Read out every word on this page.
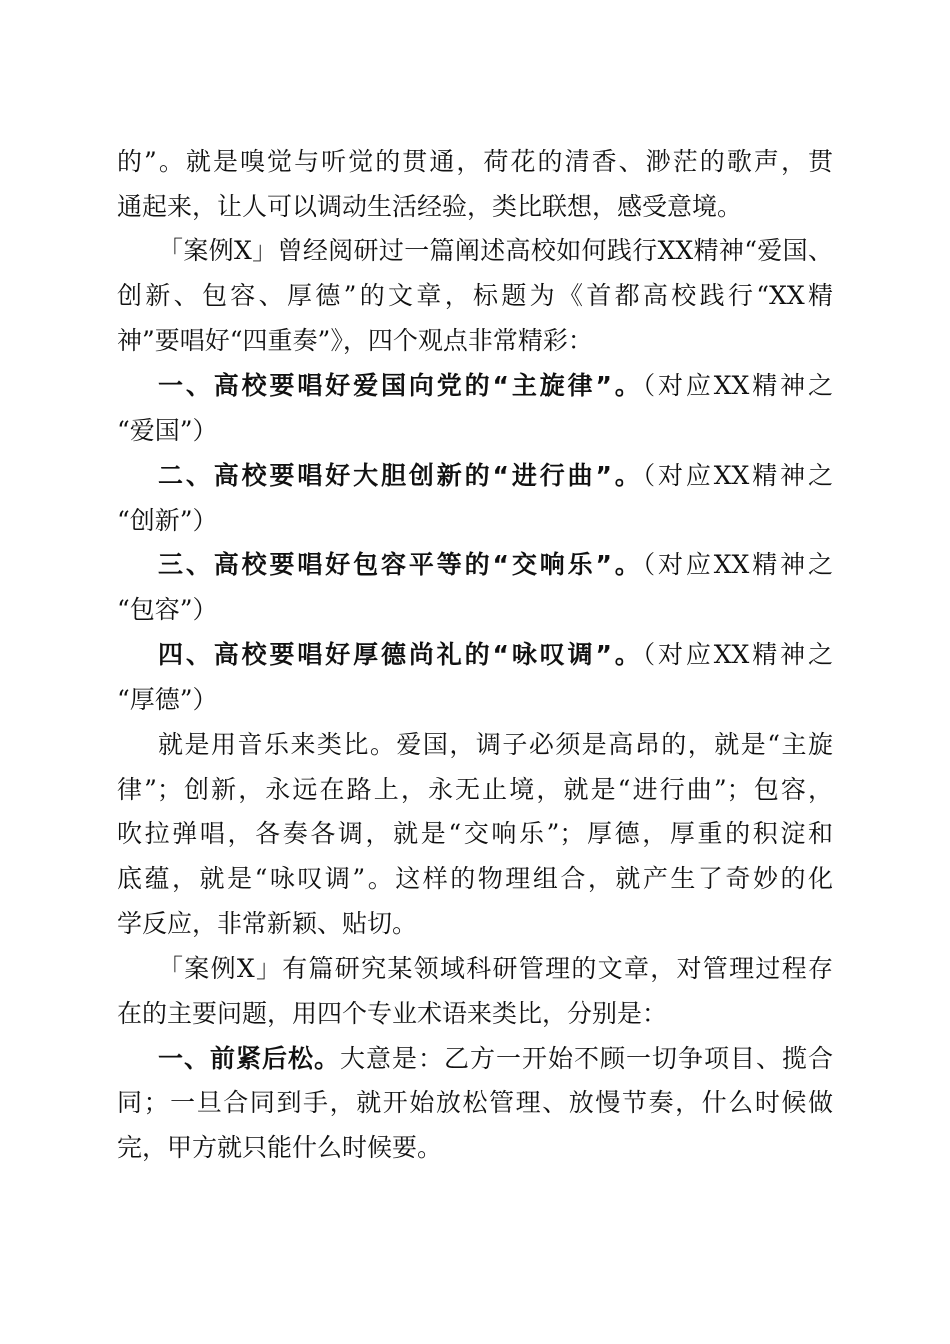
的”。就是嗅觉与听觉的贯通，荷花的清香、渺茫的歌声，贯
通起来，让人可以调动生活经验，类比联想，感受意境。
「案例X」曾经阅研过一篇阐述高校如何践行XX精神“爱国、
创新、包容、厚德”的文章，标题为《首都高校践行“XX精
神”要唱好“四重奏”》，四个观点非常精彩：
一、高校要唱好爱国向党的“主旋律”。（对应XX精神之
“爱国”）
二、高校要唱好大胆创新的“进行曲”。（对应XX精神之
“创新”）
三、高校要唱好包容平等的“交响乐”。（对应XX精神之
“包容”）
四、高校要唱好厚德尚礼的“咏叹调”。（对应XX精神之
“厚德”）
就是用音乐来类比。爱国，调子必须是高昂的，就是“主旋
律”；创新，永远在路上，永无止境，就是“进行曲”；包容，
吹拉弹唱，各奏各调，就是“交响乐”；厚德，厚重的积淀和
底蕴，就是“咏叹调”。这样的物理组合，就产生了奇妙的化
学反应，非常新颖、贴切。
「案例X」有篇研究某领域科研管理的文章，对管理过程存
在的主要问题，用四个专业术语来类比，分别是：
一、前紧后松。大意是：乙方一开始不顾一切争项目、揽合
同；一旦合同到手，就开始放松管理、放慢节奏，什么时候做
完，甲方就只能什么时候要。
